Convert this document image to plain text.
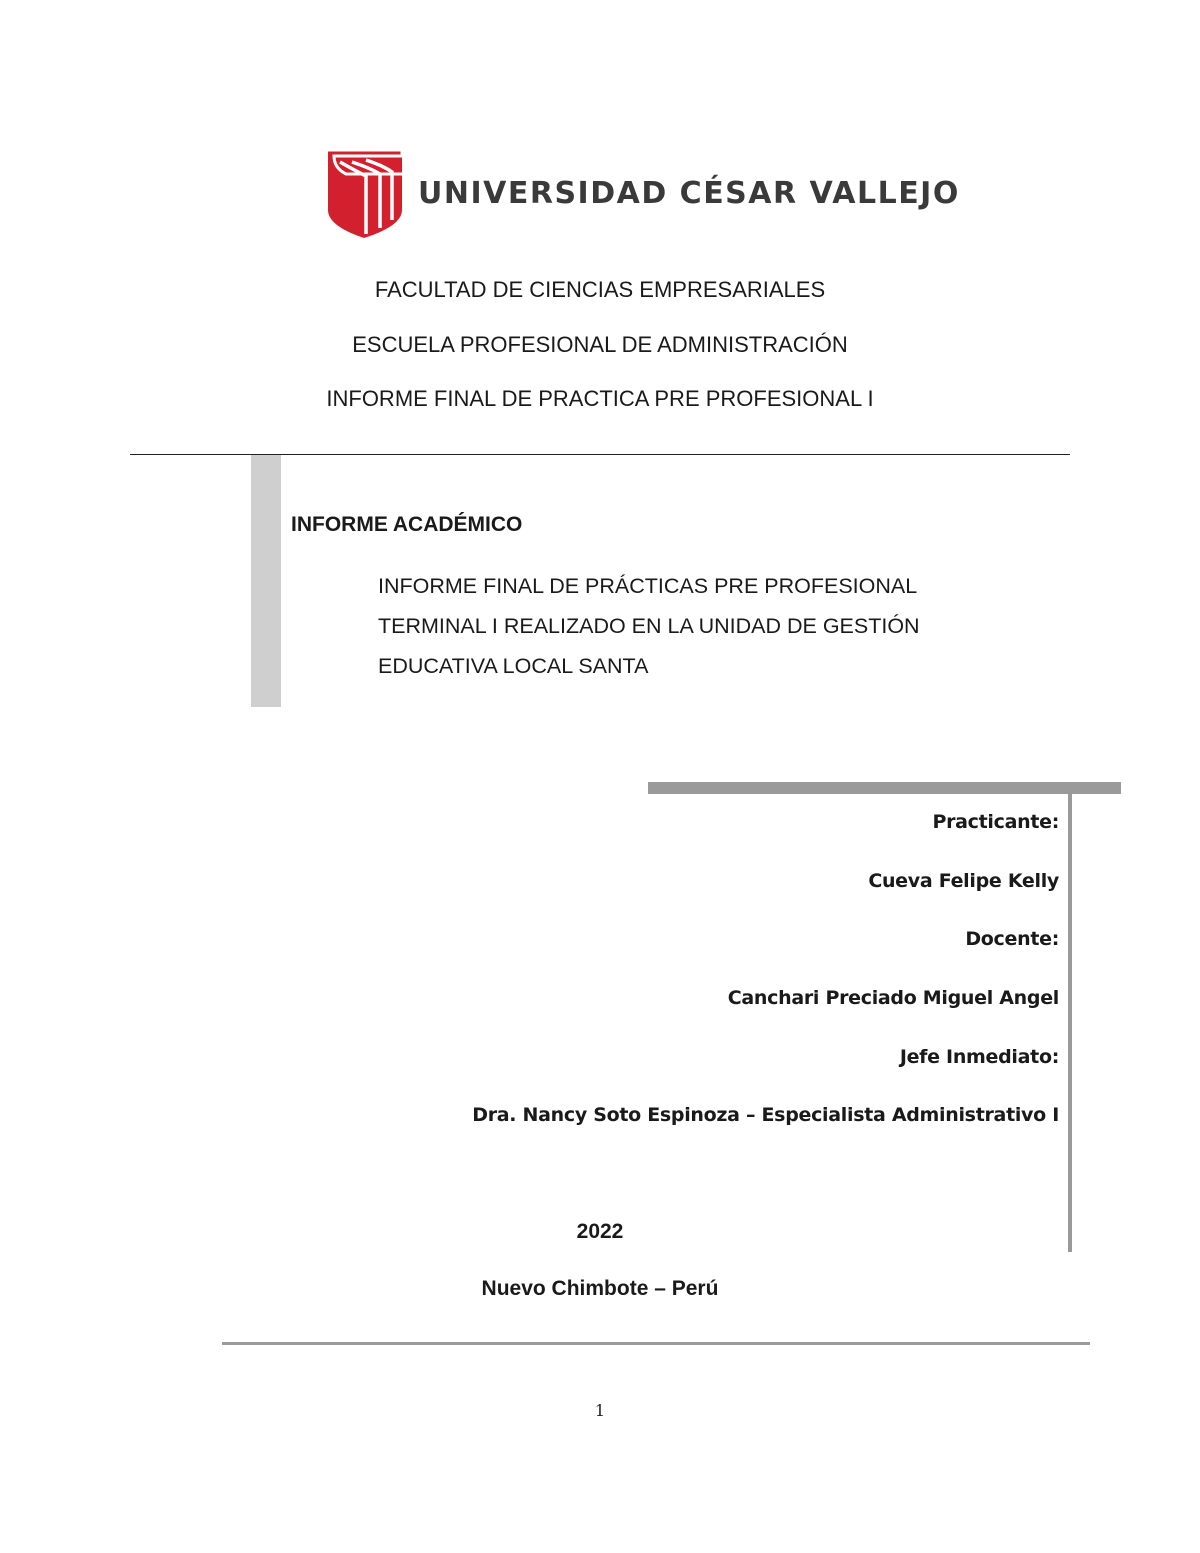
UNIVERSIDAD CÉSAR VALLEJO
FACULTAD DE CIENCIAS EMPRESARIALES
ESCUELA PROFESIONAL DE ADMINISTRACIÓN
INFORME FINAL DE PRACTICA PRE PROFESIONAL I
INFORME ACADÉMICO
INFORME FINAL DE PRÁCTICAS PRE PROFESIONAL
TERMINAL I REALIZADO EN LA UNIDAD DE GESTIÓN
EDUCATIVA LOCAL SANTA
Practicante:
Cueva Felipe Kelly
Docente:
Canchari Preciado Miguel Angel
Jefe Inmediato:
Dra. Nancy Soto Espinoza – Especialista Administrativo I
2022
Nuevo Chimbote – Perú
1
